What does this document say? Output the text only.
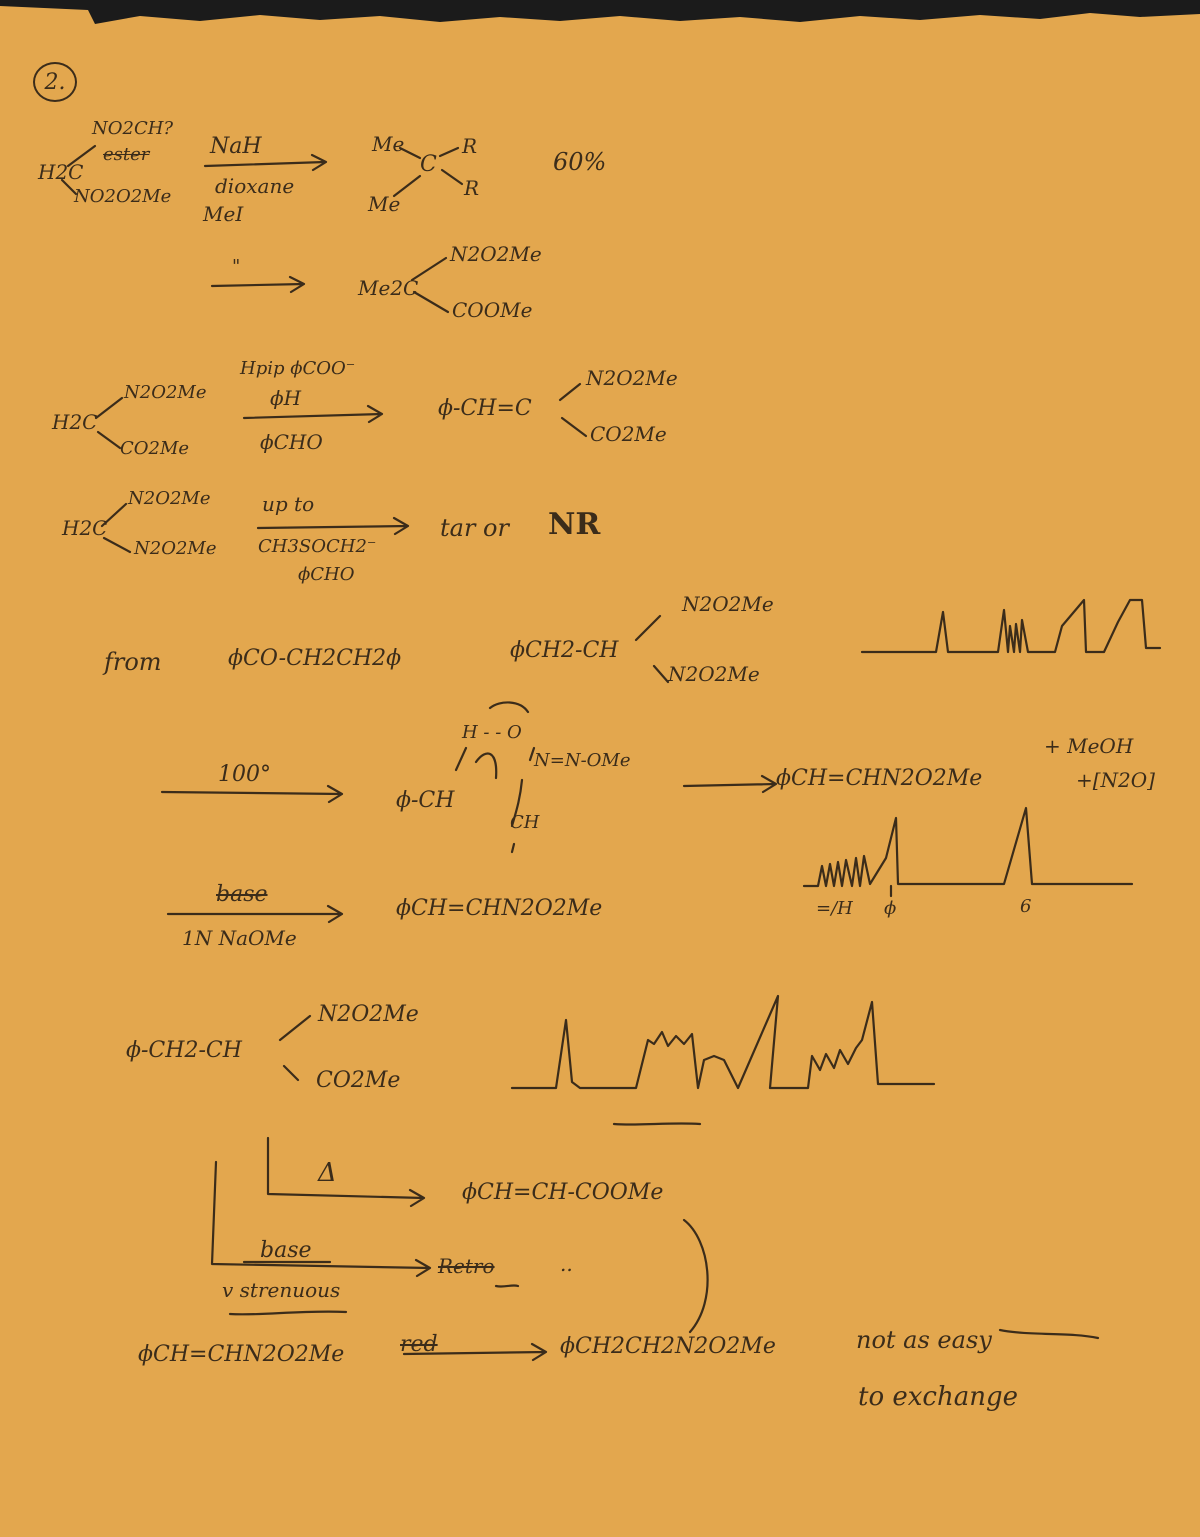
2.
NO2CH?
ester
H2C
NO2O2Me
NaH
dioxane
MeI
Me
C
R
R
Me
60%
"
Me2C
N2O2Me
COOMe
Hpip ϕCOO⁻
ϕH
ϕCHO
H2C
N2O2Me
CO2Me
ϕ-CH=C
N2O2Me
CO2Me
H2C
N2O2Me
N2O2Me
up to
CH3SOCH2⁻
ϕCHO
tar or NR
from	ϕCO-CH2CH2ϕ	ϕCH2-CH
N2O2Me
N2O2Me
100°
H - - O
N=N-OMe
ϕ-CH
CH
ϕCH=CHN2O2Me
+ MeOH
+[N2O]
=/H ϕ	6
base
1N NaOMe
ϕCH=CHN2O2Me
ϕ-CH2-CH
N2O2Me
CO2Me
Δ
ϕCH=CH-COOMe
base
v strenuous
Retro	..
ϕCH=CHN2O2Me	red	ϕCH2CH2N2O2Me	not as easy
to exchange
